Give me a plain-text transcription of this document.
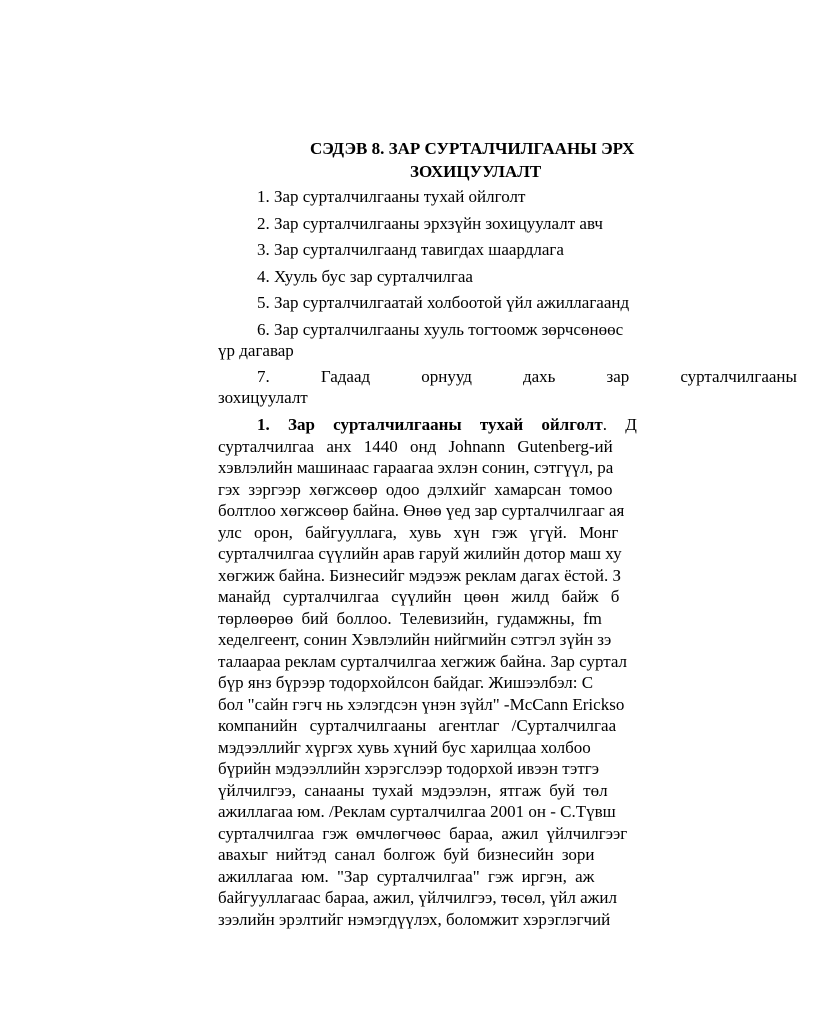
СЭДЭВ 8. ЗАР СУРТАЛЧИЛГААНЫ ЭРХ
ЗОХИЦУУЛАЛТ
1. Зар сурталчилгааны тухай ойлголт
2. Зар сурталчилгааны эрхзүйн зохицуулалт авч
3. Зар сурталчилгаанд тавигдах шаардлага
4. Хууль бус зар сурталчилгаа
5. Зар сурталчилгаатай холбоотой үйл ажиллагаанд
6. Зар сурталчилгааны хууль тогтоомж зөрчсөнөөс
үр дагавар
7.	Гадаад	орнууд	дахь	зар	сурталчилгааны
зохицуулалт
1. Зар сурталчилгааны тухай ойлголт. Д
сурталчилгаа анх 1440 онд Johnann Gutenberg-ий
хэвлэлийн машинаас гараагаа эхлэн сонин, сэтгүүл, ра
гэх зэргээр хөгжсөөр одоо дэлхийг хамарсан томоо
болтлоо хөгжсөөр байна. Өнөө үед зар сурталчилгааг ая
улс орон, байгууллага, хувь хүн гэж үгүй. Монг
сурталчилгаа сүүлийн арав гаруй жилийн дотор маш ху
хөгжиж байна. Бизнесийг мэдээж реклам дагах ёстой. З
манайд сурталчилгаа сүүлийн цөөн жилд байж б
төрлөөрөө бий боллоо. Телевизийн, гудамжны, fm
хеделгеент, сонин Хэвлэлийн нийгмийн сэтгэл зүйн зэ
талаараа реклам сурталчилгаа хегжиж байна. Зар суртал
бүр янз бүрээр тодорхойлсон байдаг. Жишээлбэл: С
бол "сайн гэгч нь хэлэгдсэн үнэн зүйл" -McCann Erickso
компанийн сурталчилгааны агентлаг /Сурталчилгаа
мэдээллийг хүргэх хувь хүний бус харилцаа холбоо
бүрийн мэдээллийн хэрэгслээр тодорхой ивээн тэтгэ
үйлчилгээ, санааны тухай мэдээлэн, ятгаж буй төл
ажиллагаа юм. /Реклам сурталчилгаа 2001 он - С.Түвш
сурталчилгаа гэж өмчлөгчөөс бараа, ажил үйлчилгээг
авахыг нийтэд санал болгож буй бизнесийн зори
ажиллагаа юм. "Зар сурталчилгаа" гэж иргэн, аж
байгууллагаас бараа, ажил, үйлчилгээ, төсөл, үйл ажил
зээлийн эрэлтийг нэмэгдүүлэх, боломжит хэрэглэгчий
